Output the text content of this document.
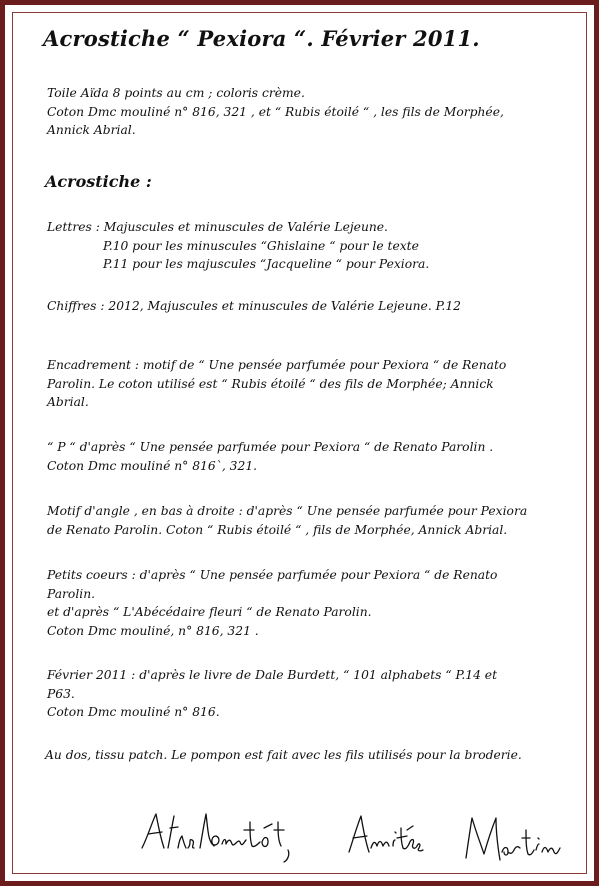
Acrostiche “ Pexiora “. Février 2011.
Toile Aïda 8 points au cm ; coloris crème.
Coton Dmc mouliné n° 816, 321 , et “ Rubis étoilé “ , les fils de Morphée,
Annick Abrial.
Acrostiche :
Lettres : Majuscules et minuscules de Valérie Lejeune.
P.10 pour les minuscules “Ghislaine “ pour le texte
P.11 pour les majuscules “Jacqueline “ pour Pexiora.
Chiffres : 2012, Majuscules et minuscules de Valérie Lejeune. P.12
Encadrement : motif de “ Une pensée parfumée pour Pexiora “ de Renato
Parolin. Le coton utilisé est “ Rubis étoilé “ des fils de Morphée; Annick
Abrial.
“ P “ d'après “ Une pensée parfumée pour Pexiora “ de Renato Parolin .
Coton Dmc mouliné n° 816`, 321.
Motif d'angle , en bas à droite : d'après “ Une pensée parfumée pour Pexiora
de Renato Parolin. Coton “ Rubis étoilé “ , fils de Morphée, Annick Abrial.
Petits coeurs : d'après “ Une pensée parfumée pour Pexiora “ de Renato
Parolin.
et d'après “ L'Abécédaire fleuri “ de Renato Parolin.
Coton Dmc mouliné, n° 816, 321 .
Février 2011 : d'après le livre de Dale Burdett, “ 101 alphabets “ P.14 et
P63.
Coton Dmc mouliné n° 816.
Au dos, tissu patch. Le pompon est fait avec les fils utilisés pour la broderie.
